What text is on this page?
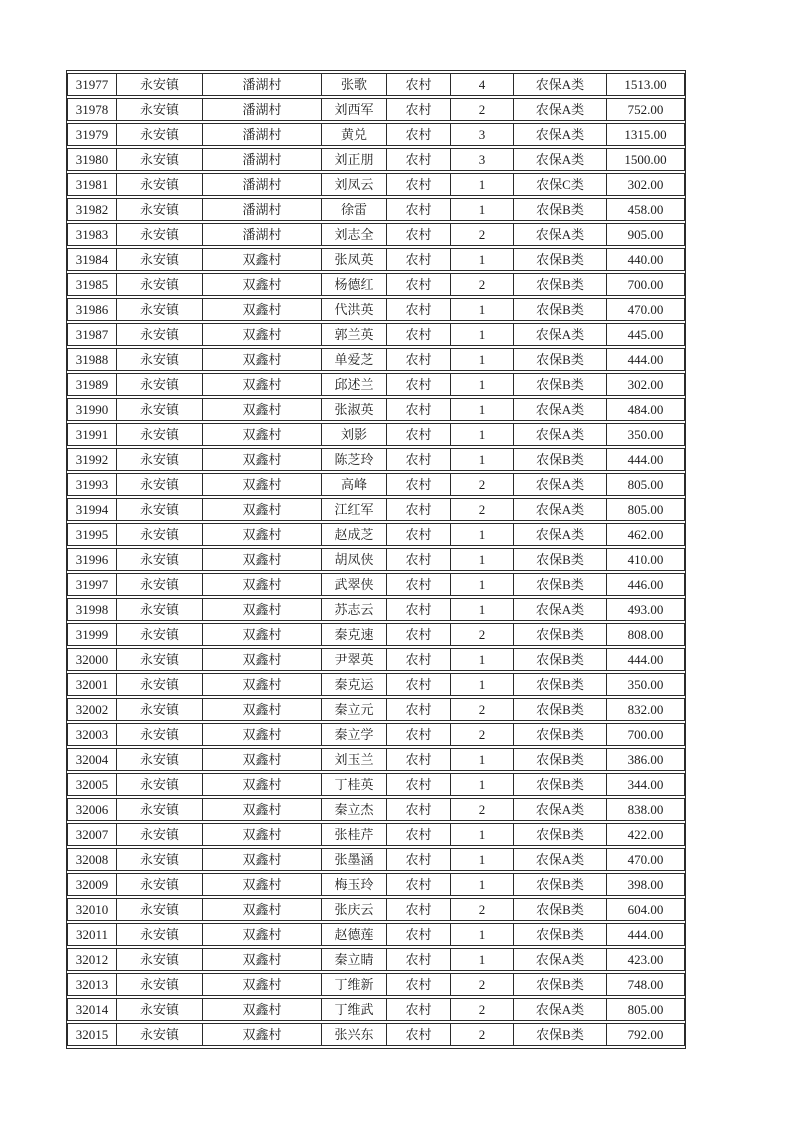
31977	永安镇	潘湖村	张歌	农村	4	农保A类	1513.00
31978	永安镇	潘湖村	刘西军	农村	2	农保A类	752.00
31979	永安镇	潘湖村	黄兑	农村	3	农保A类	1315.00
31980	永安镇	潘湖村	刘正朋	农村	3	农保A类	1500.00
31981	永安镇	潘湖村	刘凤云	农村	1	农保C类	302.00
31982	永安镇	潘湖村	徐雷	农村	1	农保B类	458.00
31983	永安镇	潘湖村	刘志全	农村	2	农保A类	905.00
31984	永安镇	双鑫村	张凤英	农村	1	农保B类	440.00
31985	永安镇	双鑫村	杨德红	农村	2	农保B类	700.00
31986	永安镇	双鑫村	代洪英	农村	1	农保B类	470.00
31987	永安镇	双鑫村	郭兰英	农村	1	农保A类	445.00
31988	永安镇	双鑫村	单爱芝	农村	1	农保B类	444.00
31989	永安镇	双鑫村	邱述兰	农村	1	农保B类	302.00
31990	永安镇	双鑫村	张淑英	农村	1	农保A类	484.00
31991	永安镇	双鑫村	刘影	农村	1	农保A类	350.00
31992	永安镇	双鑫村	陈芝玲	农村	1	农保B类	444.00
31993	永安镇	双鑫村	高峰	农村	2	农保A类	805.00
31994	永安镇	双鑫村	江红军	农村	2	农保A类	805.00
31995	永安镇	双鑫村	赵成芝	农村	1	农保A类	462.00
31996	永安镇	双鑫村	胡凤侠	农村	1	农保B类	410.00
31997	永安镇	双鑫村	武翠侠	农村	1	农保B类	446.00
31998	永安镇	双鑫村	苏志云	农村	1	农保A类	493.00
31999	永安镇	双鑫村	秦克速	农村	2	农保B类	808.00
32000	永安镇	双鑫村	尹翠英	农村	1	农保B类	444.00
32001	永安镇	双鑫村	秦克运	农村	1	农保B类	350.00
32002	永安镇	双鑫村	秦立元	农村	2	农保B类	832.00
32003	永安镇	双鑫村	秦立学	农村	2	农保B类	700.00
32004	永安镇	双鑫村	刘玉兰	农村	1	农保B类	386.00
32005	永安镇	双鑫村	丁桂英	农村	1	农保B类	344.00
32006	永安镇	双鑫村	秦立杰	农村	2	农保A类	838.00
32007	永安镇	双鑫村	张桂芹	农村	1	农保B类	422.00
32008	永安镇	双鑫村	张墨涵	农村	1	农保A类	470.00
32009	永安镇	双鑫村	梅玉玲	农村	1	农保B类	398.00
32010	永安镇	双鑫村	张庆云	农村	2	农保B类	604.00
32011	永安镇	双鑫村	赵德莲	农村	1	农保B类	444.00
32012	永安镇	双鑫村	秦立睛	农村	1	农保A类	423.00
32013	永安镇	双鑫村	丁维新	农村	2	农保B类	748.00
32014	永安镇	双鑫村	丁维武	农村	2	农保A类	805.00
32015	永安镇	双鑫村	张兴东	农村	2	农保B类	792.00
